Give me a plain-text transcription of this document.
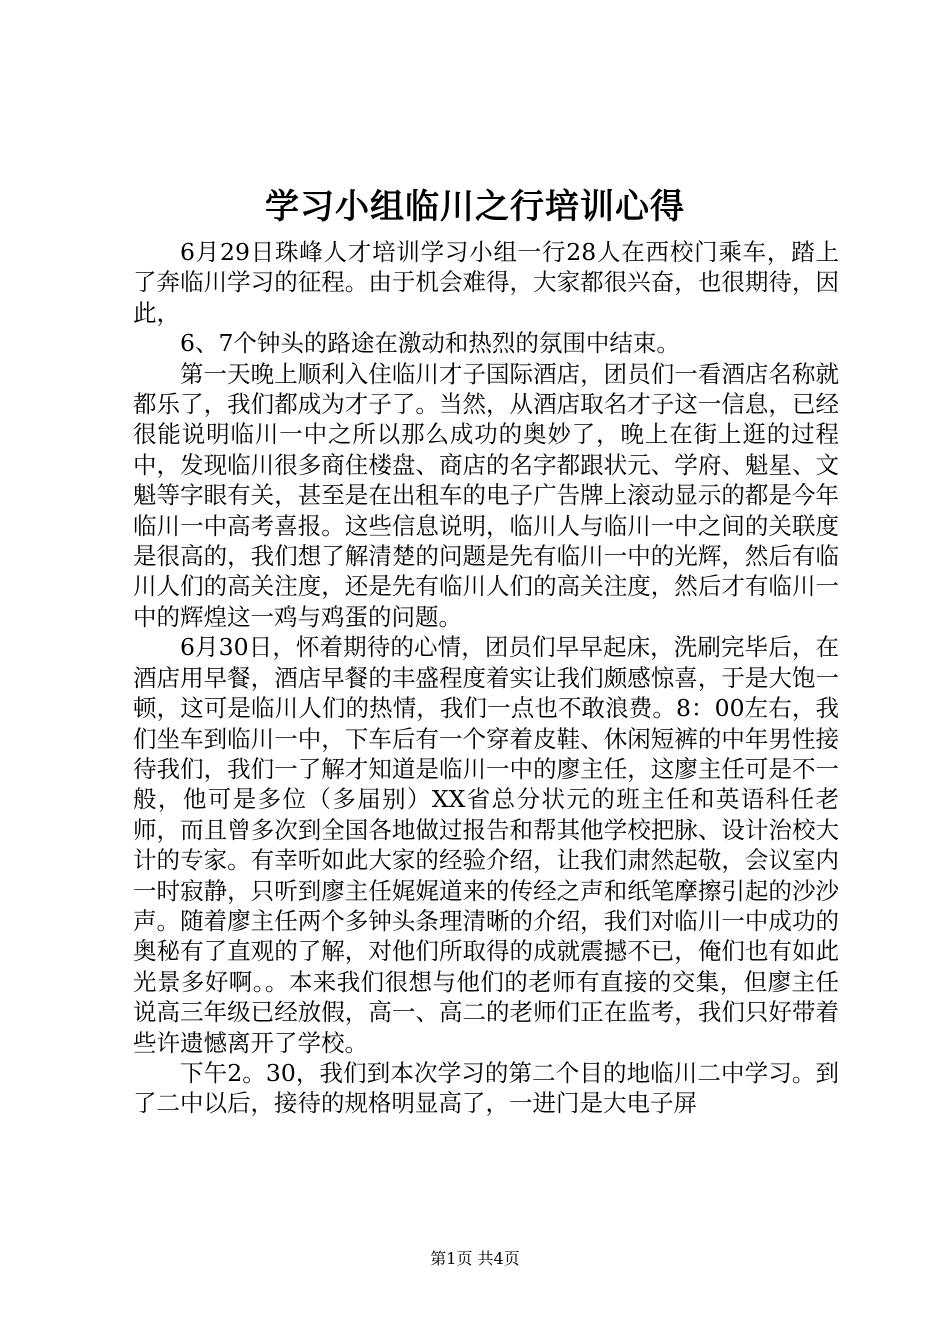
学习小组临川之行培训心得

6月29日珠峰人才培训学习小组一行28人在西校门乘车，踏上了奔临川学习的征程。由于机会难得，大家都很兴奋，也很期待，因此，

6、7个钟头的路途在激动和热烈的氛围中结束。

第一天晚上顺利入住临川才子国际酒店，团员们一看酒店名称就都乐了，我们都成为才子了。当然，从酒店取名才子这一信息，已经很能说明临川一中之所以那么成功的奥妙了，晚上在街上逛的过程中，发现临川很多商住楼盘、商店的名字都跟状元、学府、魁星、文魁等字眼有关，甚至是在出租车的电子广告牌上滚动显示的都是今年临川一中高考喜报。这些信息说明，临川人与临川一中之间的关联度是很高的，我们想了解清楚的问题是先有临川一中的光辉，然后有临川人们的高关注度，还是先有临川人们的高关注度，然后才有临川一中的辉煌这一鸡与鸡蛋的问题。

6月30日，怀着期待的心情，团员们早早起床，洗刷完毕后，在酒店用早餐，酒店早餐的丰盛程度着实让我们颇感惊喜，于是大饱一顿，这可是临川人们的热情，我们一点也不敢浪费。8：00左右，我们坐车到临川一中，下车后有一个穿着皮鞋、休闲短裤的中年男性接待我们，我们一了解才知道是临川一中的廖主任，这廖主任可是不一般，他可是多位（多届别）XX省总分状元的班主任和英语科任老师，而且曾多次到全国各地做过报告和帮其他学校把脉、设计治校大计的专家。有幸听如此大家的经验介绍，让我们肃然起敬，会议室内一时寂静，只听到廖主任娓娓道来的传经之声和纸笔摩擦引起的沙沙声。随着廖主任两个多钟头条理清晰的介绍，我们对临川一中成功的奥秘有了直观的了解，对他们所取得的成就震撼不已，俺们也有如此光景多好啊。。本来我们很想与他们的老师有直接的交集，但廖主任说高三年级已经放假，高一、高二的老师们正在监考，我们只好带着些许遗憾离开了学校。

下午2。30，我们到本次学习的第二个目的地临川二中学习。到了二中以后，接待的规格明显高了，一进门是大电子屏

第1页 共4页
